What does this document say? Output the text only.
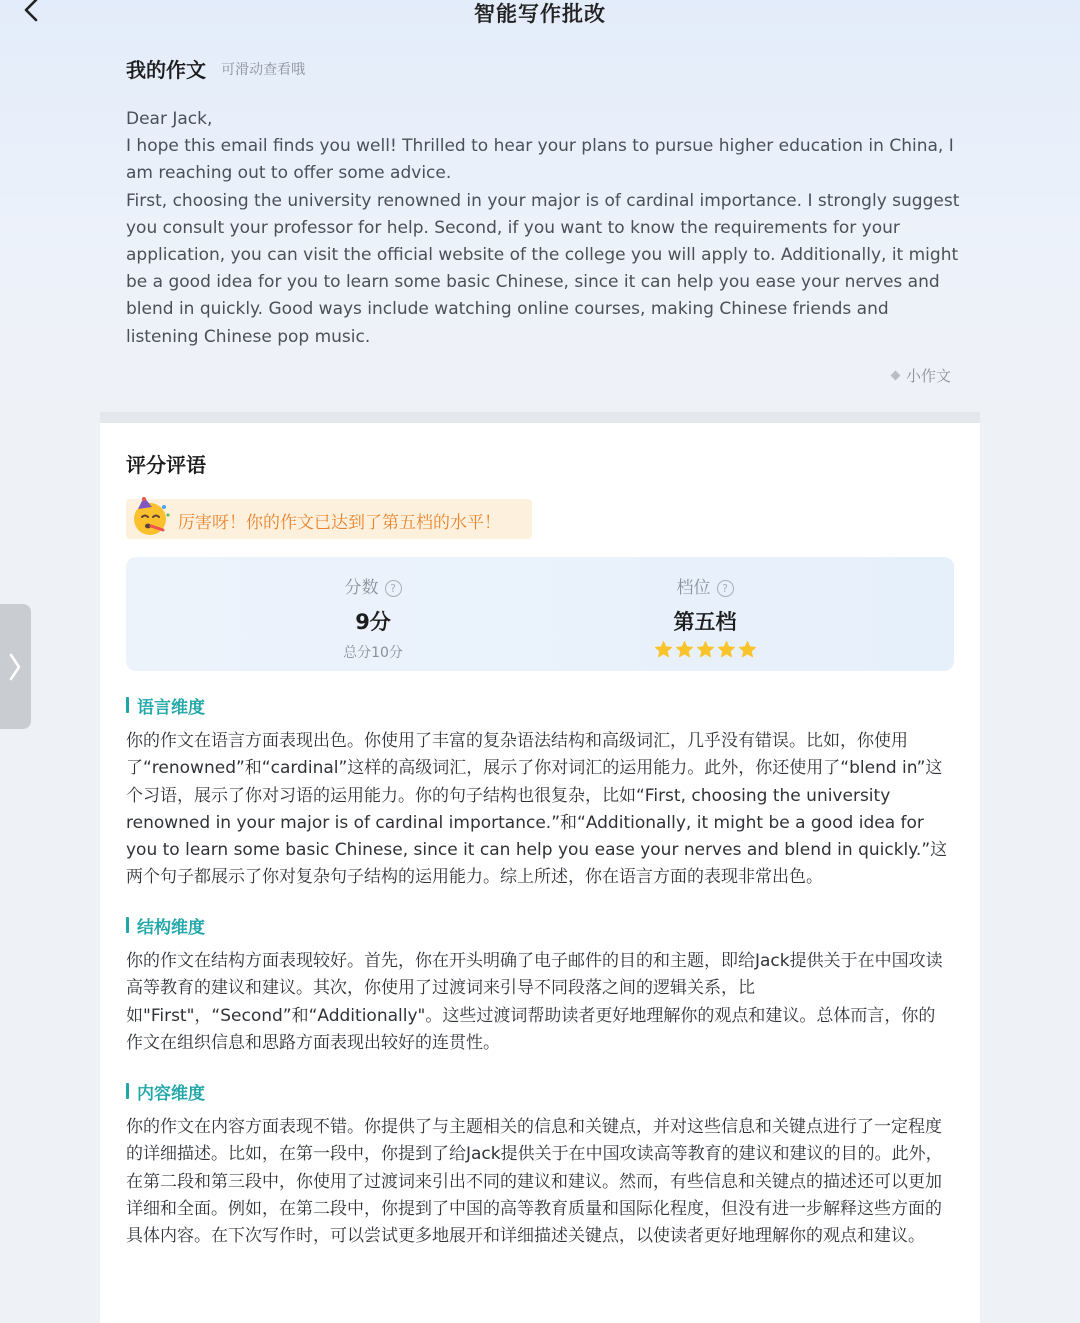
智能写作批改
我的作文 可滑动查看哦

Dear Jack,

I hope this email finds you well! Thrilled to hear your plans to pursue higher education in China, I am reaching out to offer some advice.

First, choosing the university renowned in your major is of cardinal importance. I strongly suggest you consult your professor for help. Second, if you want to know the requirements for your application, you can visit the official website of the college you will apply to. Additionally, it might be a good idea for you to learn some basic Chinese, since it can help you ease your nerves and blend in quickly. Good ways include watching online courses, making Chinese friends and listening Chinese pop music.

小作文
评分评语
厉害呀！你的作文已达到了第五档的水平！
分数 ?
9分
总分10分
档位 ?
第五档
语言维度

你的作文在语言方面表现出色。你使用了丰富的复杂语法结构和高级词汇，几乎没有错误。比如，你使用了“renowned”和“cardinal”这样的高级词汇，展示了你对词汇的运用能力。此外，你还使用了“blend in”这个习语，展示了你对习语的运用能力。你的句子结构也很复杂，比如“First, choosing the university renowned in your major is of cardinal importance.”和“Additionally, it might be a good idea for you to learn some basic Chinese, since it can help you ease your nerves and blend in quickly.”这两个句子都展示了你对复杂句子结构的运用能力。综上所述，你在语言方面的表现非常出色。

结构维度

你的作文在结构方面表现较好。首先，你在开头明确了电子邮件的目的和主题，即给Jack提供关于在中国攻读高等教育的建议和建议。其次，你使用了过渡词来引导不同段落之间的逻辑关系，比如"First"，“Second”和“Additionally"。这些过渡词帮助读者更好地理解你的观点和建议。总体而言，你的作文在组织信息和思路方面表现出较好的连贯性。

内容维度

你的作文在内容方面表现不错。你提供了与主题相关的信息和关键点，并对这些信息和关键点进行了一定程度的详细描述。比如，在第一段中，你提到了给Jack提供关于在中国攻读高等教育的建议和建议的目的。此外，在第二段和第三段中，你使用了过渡词来引出不同的建议和建议。然而，有些信息和关键点的描述还可以更加详细和全面。例如，在第二段中，你提到了中国的高等教育质量和国际化程度，但没有进一步解释这些方面的具体内容。在下次写作时，可以尝试更多地展开和详细描述关键点，以使读者更好地理解你的观点和建议。
